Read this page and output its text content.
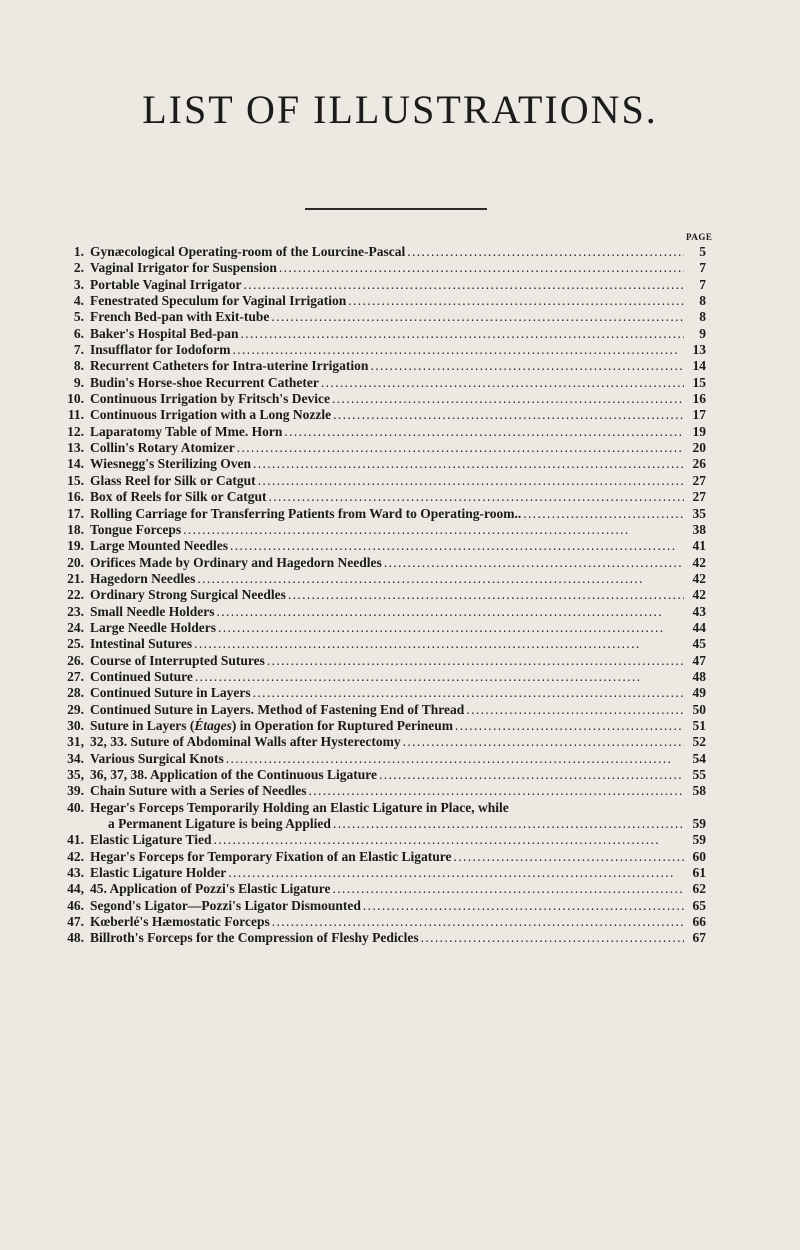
LIST OF ILLUSTRATIONS.

PAGE

1. Gynæcological Operating-room of the Lourcine-Pascal . . .	5
2. Vaginal Irrigator for Suspension . . .	7
3. Portable Vaginal Irrigator . . .	7
4. Fenestrated Speculum for Vaginal Irrigation . . .	8
5. French Bed-pan with Exit-tube . . .	8
6. Baker's Hospital Bed-pan . . .	9
7. Insufflator for Iodoform . . .	13
8. Recurrent Catheters for Intra-uterine Irrigation . . .	14
9. Budin's Horse-shoe Recurrent Catheter . . .	15
10. Continuous Irrigation by Fritsch's Device . . .	16
11. Continuous Irrigation with a Long Nozzle . . .	17
12. Laparatomy Table of Mme. Horn . . .	19
13. Collin's Rotary Atomizer . . .	20
14. Wiesnegg's Sterilizing Oven . . .	26
15. Glass Reel for Silk or Catgut . . .	27
16. Box of Reels for Silk or Catgut . . .	27
17. Rolling Carriage for Transferring Patients from Ward to Operating-room.. . . .	35
18. Tongue Forceps . . .	38
19. Large Mounted Needles . . .	41
20. Orifices Made by Ordinary and Hagedorn Needles . . .	42
21. Hagedorn Needles . . .	42
22. Ordinary Strong Surgical Needles . . .	42
23. Small Needle Holders . . .	43
24. Large Needle Holders . . .	44
25. Intestinal Sutures . . .	45
26. Course of Interrupted Sutures . . .	47
27. Continued Suture . . .	48
28. Continued Suture in Layers . . .	49
29. Continued Suture in Layers. Method of Fastening End of Thread . . .	50
30. Suture in Layers (Étages) in Operation for Ruptured Perineum . . .	51
31, 32, 33. Suture of Abdominal Walls after Hysterectomy . . .	52
34. Various Surgical Knots . . .	54
35, 36, 37, 38. Application of the Continuous Ligature . . .	55
39. Chain Suture with a Series of Needles . . .	58
40. Hegar's Forceps Temporarily Holding an Elastic Ligature in Place, while
a Permanent Ligature is being Applied . . .	59
41. Elastic Ligature Tied . . .	59
42. Hegar's Forceps for Temporary Fixation of an Elastic Ligature . . .	60
43. Elastic Ligature Holder . . .	61
44, 45. Application of Pozzi's Elastic Ligature . . .	62
46. Segond's Ligator—Pozzi's Ligator Dismounted . . .	65
47. Kœberlé's Hæmostatic Forceps . . .	66
48. Billroth's Forceps for the Compression of Fleshy Pedicles . . .	67
